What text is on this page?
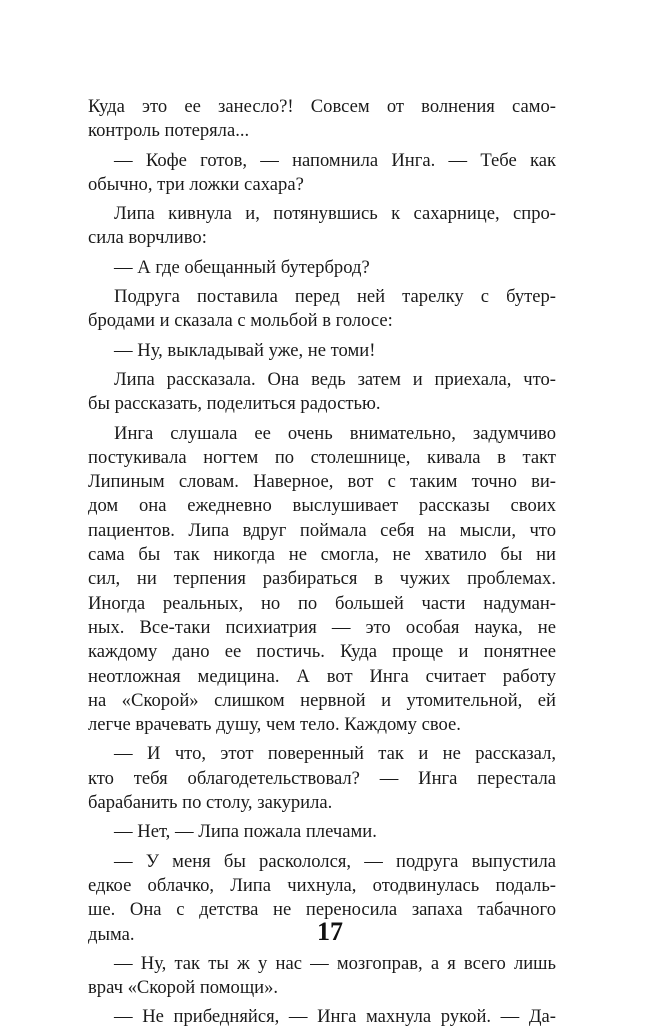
Куда это ее занесло?! Совсем от волнения само-
контроль потеряла...
— Кофе готов, — напомнила Инга. — Тебе как
обычно, три ложки сахара?
Липа кивнула и, потянувшись к сахарнице, спро-
сила ворчливо:
— А где обещанный бутерброд?
Подруга поставила перед ней тарелку с бутер-
бродами и сказала с мольбой в голосе:
— Ну, выкладывай уже, не томи!
Липа рассказала. Она ведь затем и приехала, что-
бы рассказать, поделиться радостью.
Инга слушала ее очень внимательно, задумчиво
постукивала ногтем по столешнице, кивала в такт
Липиным словам. Наверное, вот с таким точно ви-
дом она ежедневно выслушивает рассказы своих
пациентов. Липа вдруг поймала себя на мысли, что
сама бы так никогда не смогла, не хватило бы ни
сил, ни терпения разбираться в чужих проблемах.
Иногда реальных, но по большей части надуман-
ных. Все-таки психиатрия — это особая наука, не
каждому дано ее постичь. Куда проще и понятнее
неотложная медицина. А вот Инга считает работу
на «Скорой» слишком нервной и утомительной, ей
легче врачевать душу, чем тело. Каждому свое.
— И что, этот поверенный так и не рассказал,
кто тебя облагодетельствовал? — Инга перестала
барабанить по столу, закурила.
— Нет, — Липа пожала плечами.
— У меня бы раскололся, — подруга выпустила
едкое облачко, Липа чихнула, отодвинулась подаль-
ше. Она с детства не переносила запаха табачного
дыма.
— Ну, так ты ж у нас — мозгоправ, а я всего лишь
врач «Скорой помощи».
— Не прибедняйся, — Инга махнула рукой. — Да-
17
